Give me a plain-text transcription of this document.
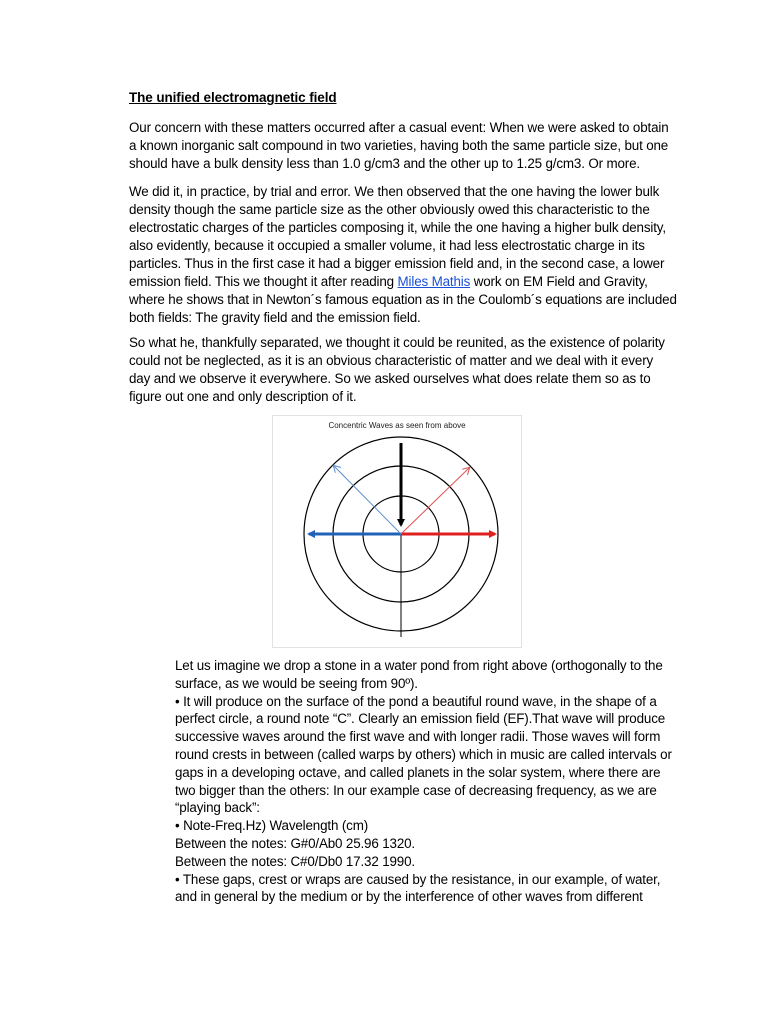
The unified electromagnetic field
Our concern with these matters occurred after a casual event: When we were asked to obtain
a known inorganic salt compound in two varieties, having both the same particle size, but one
should have a bulk density less than 1.0 g/cm3 and the other up to 1.25 g/cm3. Or more.
We did it, in practice, by trial and error. We then observed that the one having the lower bulk
density though the same particle size as the other obviously owed this characteristic to the
electrostatic charges of the particles composing it, while the one having a higher bulk density,
also evidently, because it occupied a smaller volume, it had less electrostatic charge in its
particles. Thus in the first case it had a bigger emission field and, in the second case, a lower
emission field. This we thought it after reading Miles Mathis work on EM Field and Gravity,
where he shows that in Newton´s famous equation as in the Coulomb´s equations are included
both fields: The gravity field and the emission field.
So what he, thankfully separated, we thought it could be reunited, as the existence of polarity
could not be neglected, as it is an obvious characteristic of matter and we deal with it every
day and we observe it everywhere. So we asked ourselves what does relate them so as to
figure out one and only description of it.
Concentric Waves as seen from above
Let us imagine we drop a stone in a water pond from right above (orthogonally to the
surface, as we would be seeing from 90º).
• It will produce on the surface of the pond a beautiful round wave, in the shape of a
perfect circle, a round note “C”. Clearly an emission field (EF).That wave will produce
successive waves around the first wave and with longer radii. Those waves will form
round crests in between (called warps by others) which in music are called intervals or
gaps in a developing octave, and called planets in the solar system, where there are
two bigger than the others: In our example case of decreasing frequency, as we are
“playing back”:
• Note-Freq.Hz) Wavelength (cm)
Between the notes: G#0/Ab0 25.96 1320.
Between the notes: C#0/Db0 17.32 1990.
• These gaps, crest or wraps are caused by the resistance, in our example, of water,
and in general by the medium or by the interference of other waves from different
